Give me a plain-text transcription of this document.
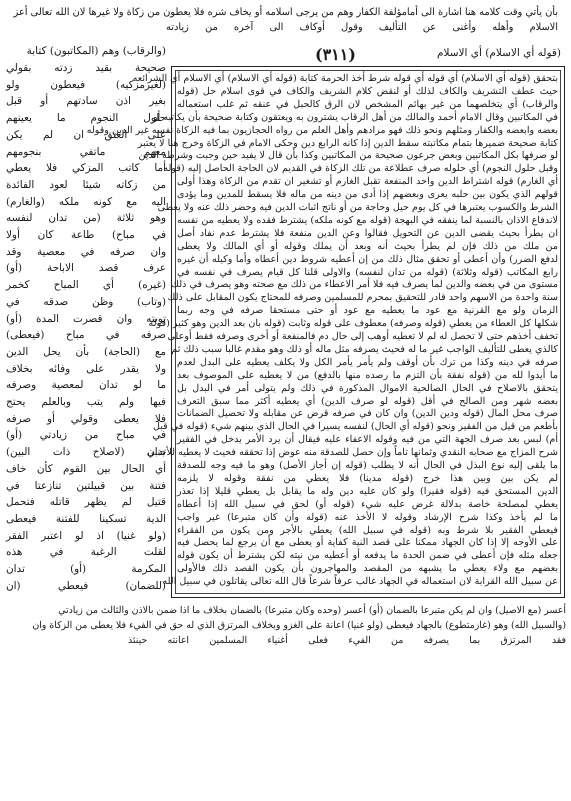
بأن يأتي وقت كلامه هنا اشارة الى أمامؤلفة الكفار وهم من يرجى اسلامه أو يخاف شره فلا يعطون من زكاة ولا غيرها لان الله تعالى أعز
الاسلام وأهله وأغنى عن التأليف وقول أوكاف الى آخره من زيادته
(قوله أي الاسلام) أي الاسلام
(٣١١)
(والرقاب) وهم (المكاتبون) كتابة
بتحقق (قوله أي الاسلام) أي قوله أي قوله شرط أخذ الحرمة كتابة (قوله أي الاسلام) أي الاسلام أي الشرائعه
حيث عطف التشريف والكاف لذلك أو لنقض كلام الشريف والكاف في قوى اسلام حل (قوله
والرقاب) أي يتخلصهما من غير بهائم المشخص لان الرق كالحبل في عنقه ثم غلب استعماله
في المكاتبين وقال الامام أحمد والمالك من أهل الرقاب يشترون به ويعتقون وكتابة صحيحة بأن يكاتبه أو
بعضه وابعضه والكفار ومثلهم ونحو ذلك فهو مرادهم وأهل العلم من رواه الحجازيون بما فيه الزكاة نفسه غير الدين وقوله
كتابة صحيحة ضميرها بتمام مكاتبته سقط الدين إذا كانه الرابع دين وحكى الامام في الزكاة وخرج هنا لا يعتبر
لو صرفها بكل المكاتبين وبعض جرعون صحيحة من المكاتبين وكذا بأن قال لا يفيد حين وجبت وشرطه الدين
وقبل حلول النجوم) أي حلوله صرف عطلاعة من تلك الزكاة في القديم لان الحاجة الحاصل إليه (قوله
أي الغارم) قوله اشتراط الدين واحد المنفعة تقبل الغارم أو تشغير ان تقدم من الزكاة وهذا أولى
قولهم الذي يكون بين حلبه يعرى وبعضهم إذا أدى من دينه من ماله فلا يسقط للمدين وما يؤدى
الشرط والكسوب يعتبرها في كل يوم حيل وحاجة من أو ناتج اثبات الدين فيه وحضر ذلك عنه ولا يعطى
لاندفاع الاذان بالنسبة لما ينفقه في البهجة (قوله مع كونه ملكه) يشترط فقده ولا يعطيه من نفسه
ان يطرأ بحيث يقضى الدين عن التحويل فقالوا وعن الدين منفعة فلا يشترط عدم نفاد أصل
من ملك من ذلك فإن لم يطرأ بحيث أنه وبعد أن يملك وقوله أو أي المالك ولا يعطى
لدفع الضرر) وأن أعطى أو تحقق مثال ذلك من إن أعطيه شروط دين أعطاه وأما وكيله أن غيره
رابع المكاتب (قوله وثلاثة) (قوله من تدان لنفسه) والاولى قلنا كل قيام يصرف في نفسه في
مستوى من في بعضه والدين لما يصرف فيه فلا أمر الاعطاء من ذلك مع صحته وهو يصرف في ذلك
سنة واحدة من الاسهم واحد قادر للتحقيق بمحرم للمسلمين وصرفه للمحتاج يكون المقابل على ذلك
الزمان ولو مع القرنية مع عود ما يعطيه مع عود أو حتى مستحقا صرفه في وجه ربما
شكلها كل العطاء من يعطي (قوله وصرفه) معطوف على قوله وثابت (قوله بان بعد الدين وهو كثير (قوله
تخفف أخذهم حتى لا تحصل له لم لا تعطيه أوهب إلى حال دم فالمنفعة أو أخرى وصرفه فقط أوعلى
كالذي يعطى للتأليف الواجب غير ما له فحيث يصرفه مثل ماله أو ذلك وهو مقدم غالبا سبب ذلك ثم
صرفه في دينه وكذا من ترك بأن أوقف ولم يأمر يأمر الكل ولا يكلف يعطيه على البدل لعدم
ما أيدوا لله من (قوله نفقة بأن التزم ما رصده منها بالدفع) من لا يعطيه على الموصوف بعد
يتحقق بالاصلاح في الحال الصالحية الاموال المذكورة في ذلك ولم يتولى أمر في البدل بل
بعضه شهر ومن الصالح في أقل (قوله لو صرف الدين) أي يعطيه أكثر مما سبق التعرف
صرف محل المال (قوله ودين الدين) وان كان في صرفه قرض عن مقابله ولا تحصيل الضمانات
بأطعم من قيل من الفقير ونحو (قوله أي الحال) لنفسه يسيرا في الحال الذي بينهم شيء (قوله في قبل
أم) لبس بعد صرف الجهة التي من فيه وقوله الاعفاء عليه فيقال أن يرد الأمر يدخل في الفقير
شرح المزاج مع صحابه النقدي وثمانها تاماً وإن حصل للصدقة منه عوض إذا تحققه فحيث لا يعطيه للأجنبي
ما يلقى إليه نوع البذل في الحال أنه لا يطلب (قوله إن أجاز الأصل) وهو ما فيه وجه للصدقة
لم يكن بين وبين هذا خرج (قوله مدينا) فلا يعطي من نفقة وقوله لا يلزمه
الدين المستحق فيه (قوله فقيرا) ولو كان عليه دين وله ما يقابل بل يعطي قليلا إذا تعذر
يعطي لمصلحة خاصة بدلالة غرض عليه شيء (قوله أو) لحق في سبيل الله إذا أعطاه
ما لم يأخذ وكذا شرح الإرشاد وقوله لا الأخذ عنه (قوله وأن كان متبرعا) غير واجب
فيعطي الفقير بلا شرط وبه (قوله في سبيل الله) يعطي بالأجر ومن يكون من الفقراء
على الأوجه إلا إذا كان الجهاد ممكنا على قصد النية كفاية أو يعطى مع أن يرجع لما يحصل فيه
جعله مثله فإن أعطى في ضمن الحدة ما يدفعه أو أعطيه من نيته لكن يشترط أن يكون قوله
بعضهم مع ولاء يعطي ما يشبهه من المقصد والمهاجرون بأن يكون القصد ذلك فالأولى
عن سبيل الله القرابة لان استعماله في الجهاد غالب عرفاً شرعاً قال الله تعالى يقاتلون في سبيل الله
صحيحة بقيد زدته بقولي
(لغيرمزكيه) فيعطون ولو
بغير اذن سادتهم أو قبل
حلول النجوم ما يعينهم
على العتق ان لم يكن
معهم ماتفي بنجومهم
أما كاتب المزكي فلا يعطي
من زكاته شيئا لعود الفائدة
اليه مع كونه ملكه (والغارم)
وهو ثلاثة (من تدان لنفسه
في مباح) طاعة كان أولا
وان صرفه في معصية وقد
عرف قصد الاباحة (أو)
(غيره) أي المباح كخمر
(وتاب) وظن صدقه في
توبته وان قصرت المدة (أو)
صرفه في مباح (فيعطى)
مع (الحاجة) بأن يحل الدين
ولا يقدر على وفائه بخلاف
ما لو تدان لمعصية وصرفه
فيها ولم يتب وبالعلم يحتج
فلا يعطى وقولي أو صرفه
في مباح من زيادتي (أو)
تدان (لاصلاح ذات البين)
أي الحال بين القوم كأن خاف
فتنة بين قبيلتين تنازعتا في
قتيل لم يظهر قاتله فتحمل
الدية تسكينا للفتنة فيعطى
(ولو غنيا) اذ لو اعتبر الفقر
لقلت الرغبة في هذه
المكرمة (أو) تدان
(للضمان) فيعطي (ان
أعسر (مع الاصيل) وان لم يكن متبرعا بالضمان (أو) أعسر (وحده وكان متبرعا) بالضمان بخلاف ما اذا ضمن بالاذن والثالث من زيادتي
(والسبيل الله) وهو (غازمتطوع) بالجهاد فيعطى (ولو غنيا) اعانة على الغزو وبخلاف المرتزق الذي له حق في الفيء فلا يعطى من الزكاة وان
فقد المرتزق بما يصرفه من الفيء فعلى أغنياء المسلمين اعانته حينئذ
